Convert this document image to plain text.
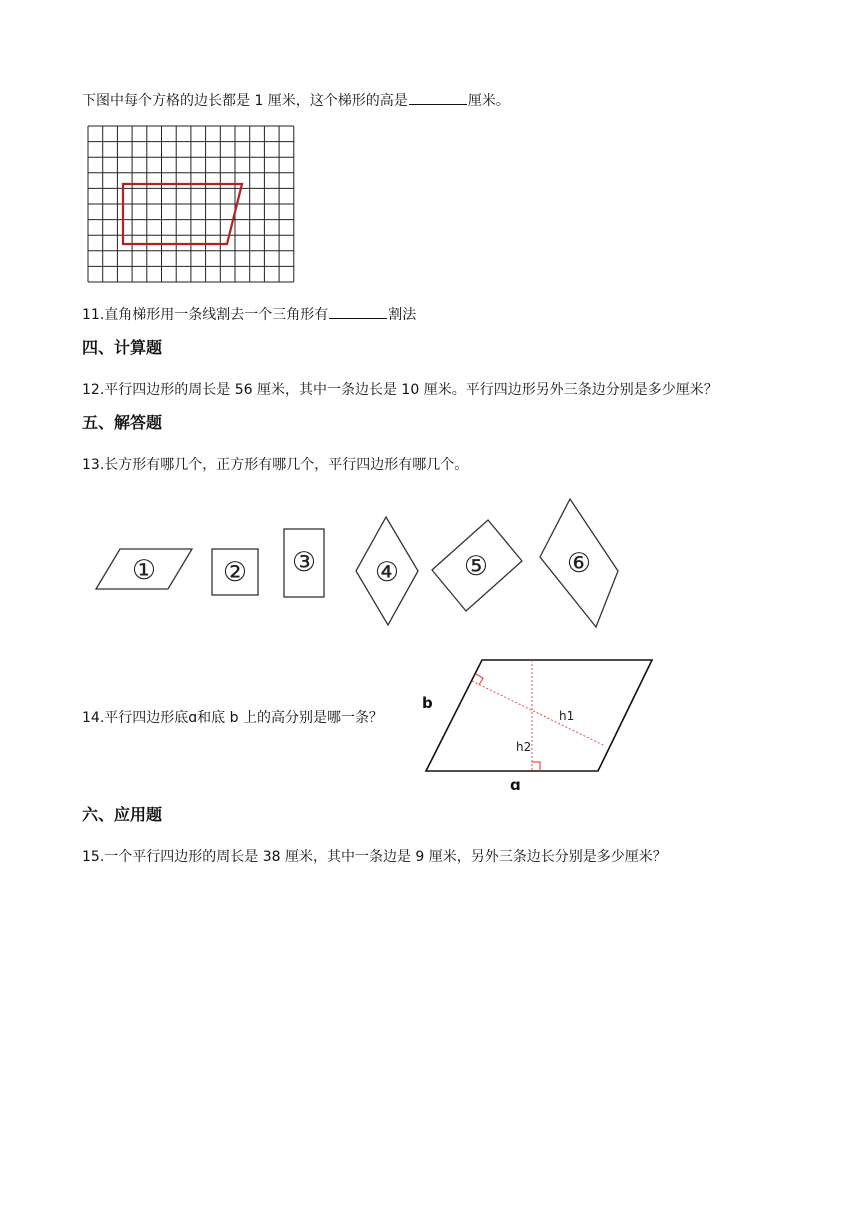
下图中每个方格的边长都是 1 厘米，这个梯形的高是	厘米。
11.直角梯形用一条线割去一个三角形有	割法
四、计算题
12.平行四边形的周长是 56 厘米，其中一条边长是 10 厘米。平行四边形另外三条边分别是多少厘米？
五、解答题
13.长方形有哪几个，正方形有哪几个，平行四边形有哪几个。
① ② ③ ④ ⑤	⑥
14.平行四边形底ɑ和底 b 上的高分别是哪一条？	h1
h2
b
ɑ
六、应用题
15.一个平行四边形的周长是 38 厘米，其中一条边是 9 厘米，另外三条边长分别是多少厘米？
